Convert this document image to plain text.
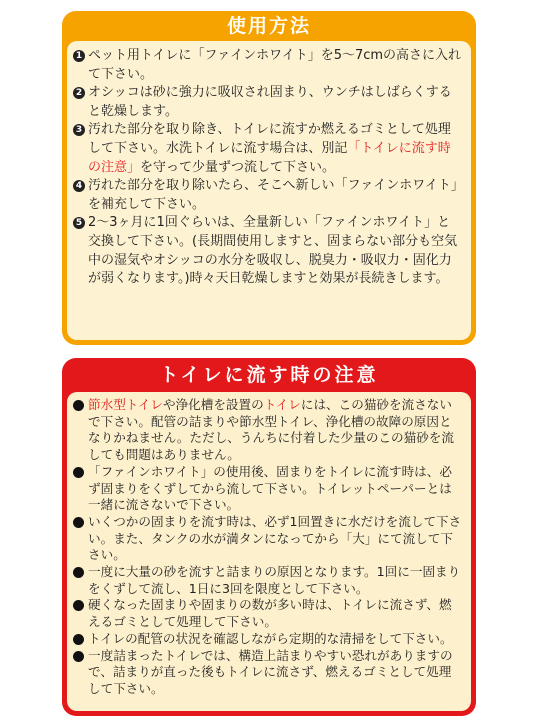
使用方法
1 ペット用トイレに「ファインホワイト」を5〜7cmの高さに入れて下さい。
2 オシッコは砂に強力に吸収され固まり、ウンチはしばらくすると乾燥します。
3 汚れた部分を取り除き、トイレに流すか燃えるゴミとして処理して下さい。水洗トイレに流す場合は、別記「トイレに流す時の注意」を守って少量ずつ流して下さい。
4 汚れた部分を取り除いたら、そこへ新しい「ファインホワイト」を補充して下さい。
5 2〜3ヶ月に1回ぐらいは、全量新しい「ファインホワイト」と交換して下さい。(長期間使用しますと、固まらない部分も空気中の湿気やオシッコの水分を吸収し、脱臭力・吸収力・固化力が弱くなります。)時々天日乾燥しますと効果が長続きします。
トイレに流す時の注意
節水型トイレや浄化槽を設置のトイレには、この猫砂を流さないで下さい。配管の詰まりや節水型トイレ、浄化槽の故障の原因となりかねません。ただし、うんちに付着した少量のこの猫砂を流しても問題はありません。
「ファインホワイト」の使用後、固まりをトイレに流す時は、必ず固まりをくずしてから流して下さい。トイレットペーパーとは一緒に流さないで下さい。
いくつかの固まりを流す時は、必ず1回置きに水だけを流して下さい。また、タンクの水が満タンになってから「大」にて流して下さい。
一度に大量の砂を流すと詰まりの原因となります。1回に一固まりをくずして流し、1日に3回を限度として下さい。
硬くなった固まりや固まりの数が多い時は、トイレに流さず、燃えるゴミとして処理して下さい。
トイレの配管の状況を確認しながら定期的な清掃をして下さい。
一度詰まったトイレでは、構造上詰まりやすい恐れがありますので、詰まりが直った後もトイレに流さず、燃えるゴミとして処理して下さい。
